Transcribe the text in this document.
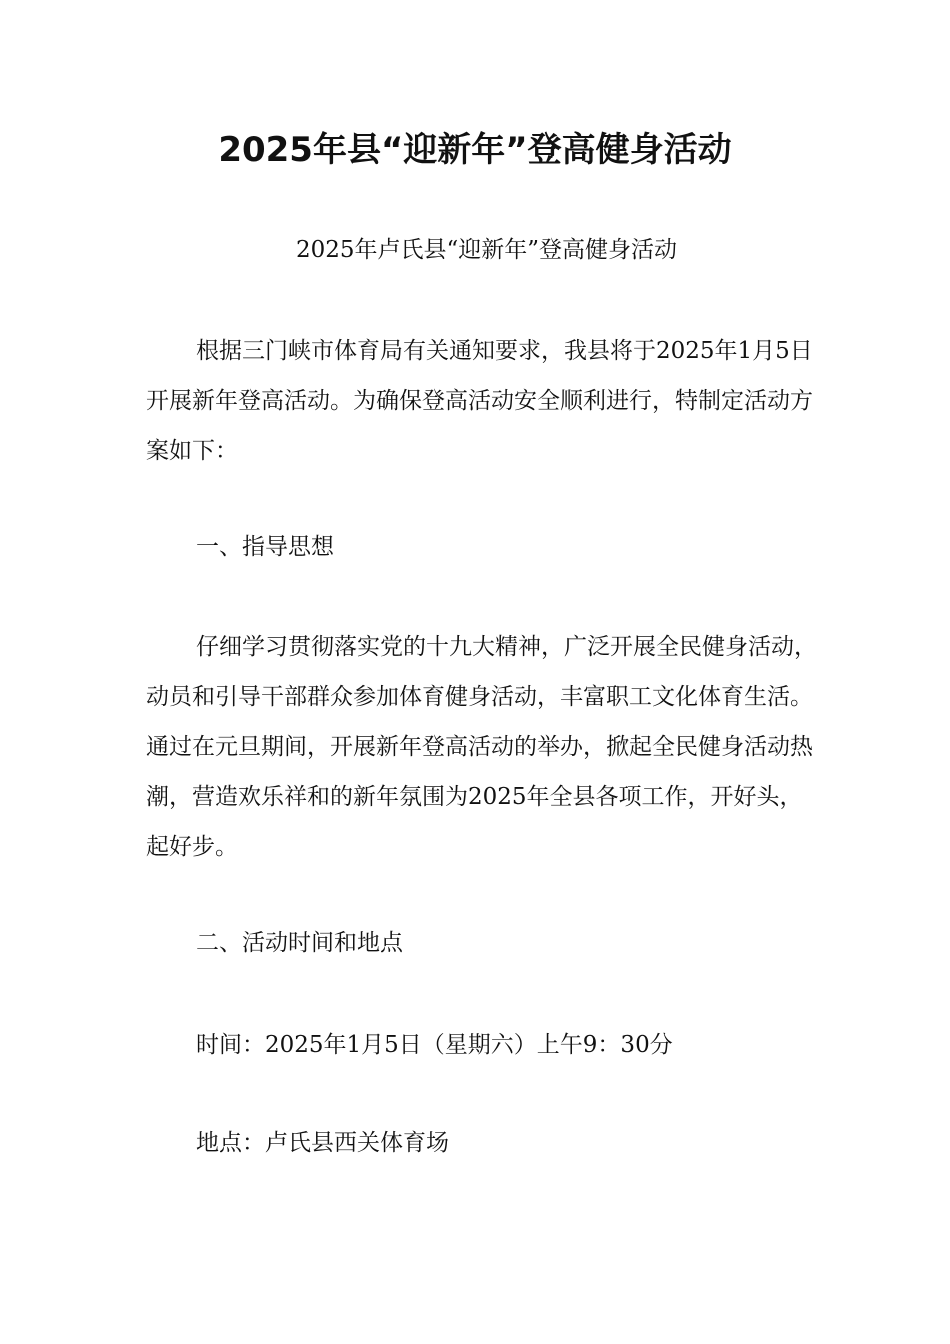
2025年县“迎新年”登高健身活动

2025年卢氏县“迎新年”登高健身活动

根据三门峡市体育局有关通知要求，我县将于2025年1月5日开展新年登高活动。为确保登高活动安全顺利进行，特制定活动方案如下：

一、指导思想

仔细学习贯彻落实党的十九大精神，广泛开展全民健身活动，动员和引导干部群众参加体育健身活动，丰富职工文化体育生活。通过在元旦期间，开展新年登高活动的举办，掀起全民健身活动热潮，营造欢乐祥和的新年氛围为2025年全县各项工作，开好头，起好步。

二、活动时间和地点

时间：2025年1月5日（星期六）上午9：30分

地点：卢氏县西关体育场
